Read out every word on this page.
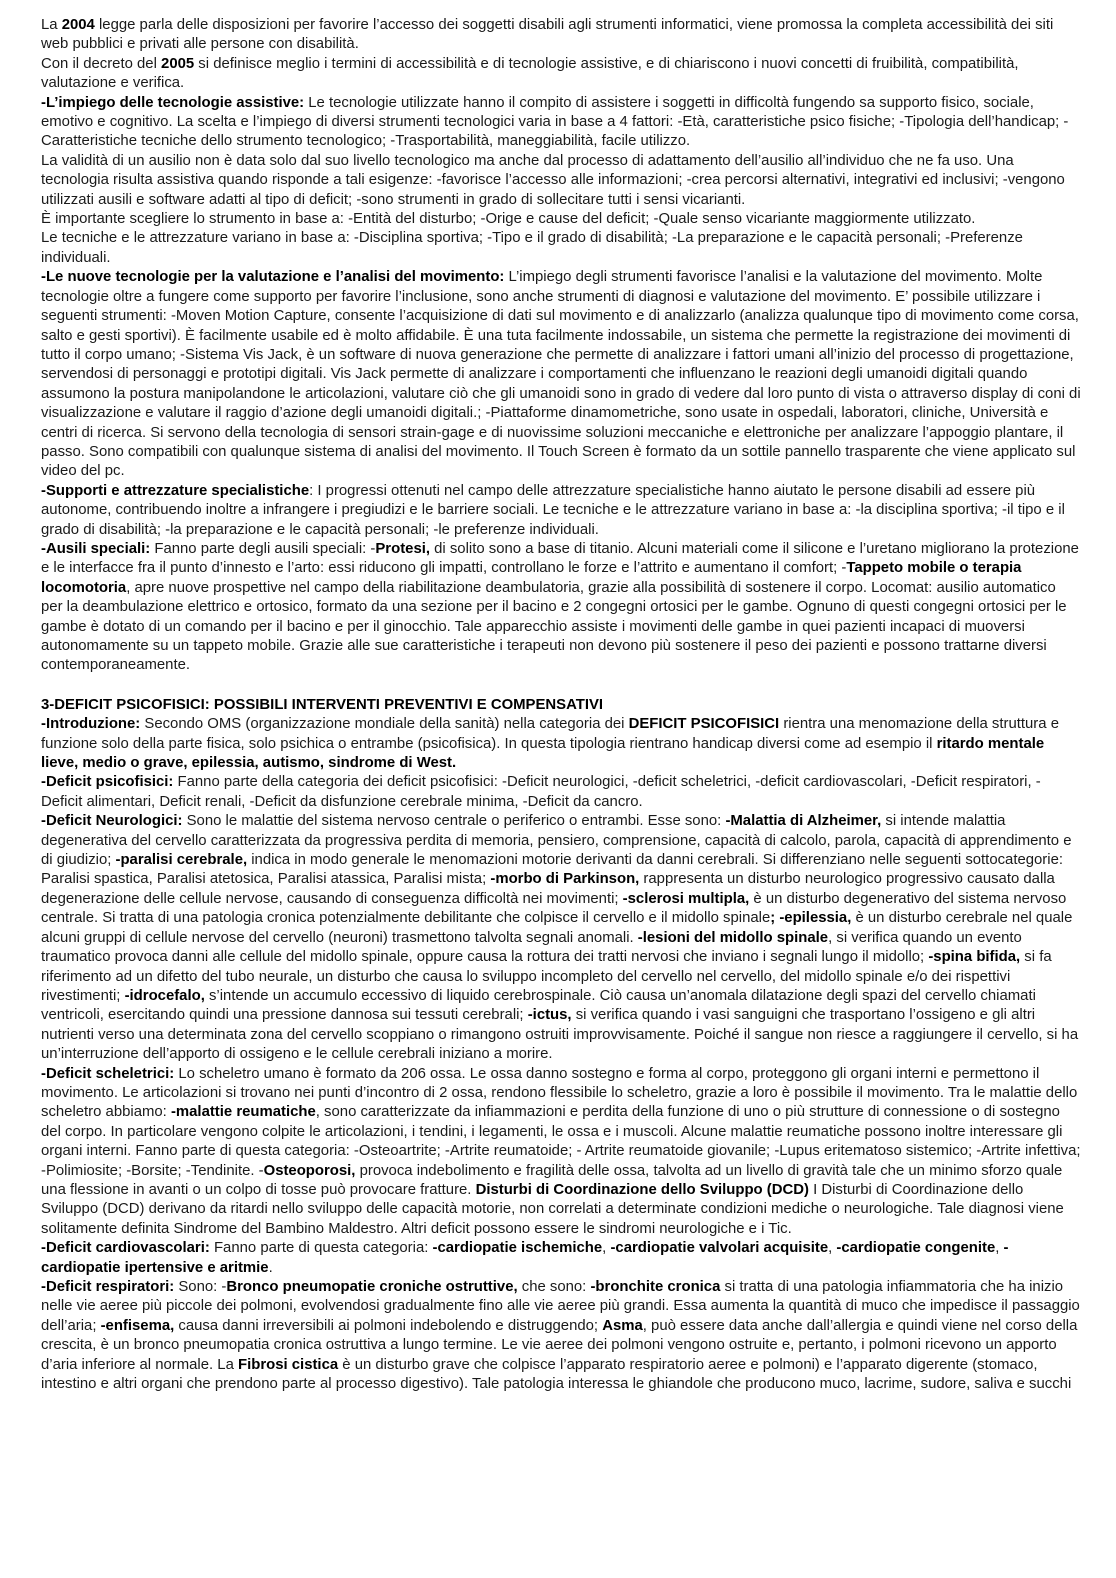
La 2004 legge parla delle disposizioni per favorire l’accesso dei soggetti disabili agli strumenti informatici, viene promossa la completa accessibilità dei siti web pubblici e privati alle persone con disabilità.

Con il decreto del 2005 si definisce meglio i termini di accessibilità e di tecnologie assistive, e di chiariscono i nuovi concetti di fruibilità, compatibilità, valutazione e verifica.

-L’impiego delle tecnologie assistive: Le tecnologie utilizzate hanno il compito di assistere i soggetti in difficoltà fungendo sa supporto fisico, sociale, emotivo e cognitivo. La scelta e l’impiego di diversi strumenti tecnologici varia in base a 4 fattori: -Età, caratteristiche psico fisiche; -Tipologia dell’handicap; -Caratteristiche tecniche dello strumento tecnologico; -Trasportabilità, maneggiabilità, facile utilizzo.

La validità di un ausilio non è data solo dal suo livello tecnologico ma anche dal processo di adattamento dell’ausilio all’individuo che ne fa uso. Una tecnologia risulta assistiva quando risponde a tali esigenze: -favorisce l’accesso alle informazioni; -crea percorsi alternativi, integrativi ed inclusivi; -vengono utilizzati ausili e software adatti al tipo di deficit; -sono strumenti in grado di sollecitare tutti i sensi vicarianti.

È importante scegliere lo strumento in base a: -Entità del disturbo; -Orige e cause del deficit; -Quale senso vicariante maggiormente utilizzato.

Le tecniche e le attrezzature variano in base a: -Disciplina sportiva; -Tipo e il grado di disabilità; -La preparazione e le capacità personali; -Preferenze individuali.

-Le nuove tecnologie per la valutazione e l’analisi del movimento: L’impiego degli strumenti favorisce l’analisi e la valutazione del movimento. Molte tecnologie oltre a fungere come supporto per favorire l’inclusione, sono anche strumenti di diagnosi e valutazione del movimento. E’ possibile utilizzare i seguenti strumenti: -Moven Motion Capture, consente l’acquisizione di dati sul movimento e di analizzarlo (analizza qualunque tipo di movimento come corsa, salto e gesti sportivi). È facilmente usabile ed è molto affidabile. È una tuta facilmente indossabile, un sistema che permette la registrazione dei movimenti di tutto il corpo umano; -Sistema Vis Jack, è un software di nuova generazione che permette di analizzare i fattori umani all’inizio del processo di progettazione, servendosi di personaggi e prototipi digitali. Vis Jack permette di analizzare i comportamenti che influenzano le reazioni degli umanoidi digitali quando assumono la postura manipolandone le articolazioni, valutare ciò che gli umanoidi sono in grado di vedere dal loro punto di vista o attraverso display di coni di visualizzazione e valutare il raggio d’azione degli umanoidi digitali.; -Piattaforme dinamometriche, sono usate in ospedali, laboratori, cliniche, Università e centri di ricerca. Si servono della tecnologia di sensori strain-gage e di nuovissime soluzioni meccaniche e elettroniche per analizzare l’appoggio plantare, il passo. Sono compatibili con qualunque sistema di analisi del movimento. Il Touch Screen è formato da un sottile pannello trasparente che viene applicato sul video del pc.

-Supporti e attrezzature specialistiche: I progressi ottenuti nel campo delle attrezzature specialistiche hanno aiutato le persone disabili ad essere più autonome, contribuendo inoltre a infrangere i pregiudizi e le barriere sociali. Le tecniche e le attrezzature variano in base a: -la disciplina sportiva; -il tipo e il grado di disabilità; -la preparazione e le capacità personali; -le preferenze individuali.

-Ausili speciali: Fanno parte degli ausili speciali: -Protesi, di solito sono a base di titanio. Alcuni materiali come il silicone e l’uretano migliorano la protezione e le interfacce fra il punto d’innesto e l’arto: essi riducono gli impatti, controllano le forze e l’attrito e aumentano il comfort; -Tappeto mobile o terapia locomotoria, apre nuove prospettive nel campo della riabilitazione deambulatoria, grazie alla possibilità di sostenere il corpo. Locomat: ausilio automatico per la deambulazione elettrico e ortosico, formato da una sezione per il bacino e 2 congegni ortosici per le gambe. Ognuno di questi congegni ortosici per le gambe è dotato di un comando per il bacino e per il ginocchio. Tale apparecchio assiste i movimenti delle gambe in quei pazienti incapaci di muoversi autonomamente su un tappeto mobile. Grazie alle sue caratteristiche i terapeuti non devono più sostenere il peso dei pazienti e possono trattarne diversi contemporaneamente.

3-DEFICIT PSICOFISICI: POSSIBILI INTERVENTI PREVENTIVI E COMPENSATIVI

-Introduzione: Secondo OMS (organizzazione mondiale della sanità) nella categoria dei DEFICIT PSICOFISICI rientra una menomazione della struttura e funzione solo della parte fisica, solo psichica o entrambe (psicofisica). In questa tipologia rientrano handicap diversi come ad esempio il ritardo mentale lieve, medio o grave, epilessia, autismo, sindrome di West.

-Deficit psicofisici: Fanno parte della categoria dei deficit psicofisici: -Deficit neurologici, -deficit scheletrici, -deficit cardiovascolari, -Deficit respiratori, -Deficit alimentari, Deficit renali, -Deficit da disfunzione cerebrale minima, -Deficit da cancro.

-Deficit Neurologici: Sono le malattie del sistema nervoso centrale o periferico o entrambi. Esse sono: -Malattia di Alzheimer, si intende malattia degenerativa del cervello caratterizzata da progressiva perdita di memoria, pensiero, comprensione, capacità di calcolo, parola, capacità di apprendimento e di giudizio; -paralisi cerebrale, indica in modo generale le menomazioni motorie derivanti da danni cerebrali. Si differenziano nelle seguenti sottocategorie: Paralisi spastica, Paralisi atetosica, Paralisi atassica, Paralisi mista; -morbo di Parkinson, rappresenta un disturbo neurologico progressivo causato dalla degenerazione delle cellule nervose, causando di conseguenza difficoltà nei movimenti; -sclerosi multipla, è un disturbo degenerativo del sistema nervoso centrale. Si tratta di una patologia cronica potenzialmente debilitante che colpisce il cervello e il midollo spinale; -epilessia, è un disturbo cerebrale nel quale alcuni gruppi di cellule nervose del cervello (neuroni) trasmettono talvolta segnali anomali. -lesioni del midollo spinale, si verifica quando un evento traumatico provoca danni alle cellule del midollo spinale, oppure causa la rottura dei tratti nervosi che inviano i segnali lungo il midollo; -spina bifida, si fa riferimento ad un difetto del tubo neurale, un disturbo che causa lo sviluppo incompleto del cervello nel cervello, del midollo spinale e/o dei rispettivi rivestimenti; -idrocefalo, s’intende un accumulo eccessivo di liquido cerebrospinale. Ciò causa un’anomala dilatazione degli spazi del cervello chiamati ventricoli, esercitando quindi una pressione dannosa sui tessuti cerebrali; -ictus, si verifica quando i vasi sanguigni che trasportano l’ossigeno e gli altri nutrienti verso una determinata zona del cervello scoppiano o rimangono ostruiti improvvisamente. Poiché il sangue non riesce a raggiungere il cervello, si ha un’interruzione dell’apporto di ossigeno e le cellule cerebrali iniziano a morire.

-Deficit scheletrici: Lo scheletro umano è formato da 206 ossa. Le ossa danno sostegno e forma al corpo, proteggono gli organi interni e permettono il movimento. Le articolazioni si trovano nei punti d’incontro di 2 ossa, rendono flessibile lo scheletro, grazie a loro è possibile il movimento. Tra le malattie dello scheletro abbiamo: -malattie reumatiche, sono caratterizzate da infiammazioni e perdita della funzione di uno o più strutture di connessione o di sostegno del corpo. In particolare vengono colpite le articolazioni, i tendini, i legamenti, le ossa e i muscoli. Alcune malattie reumatiche possono inoltre interessare gli organi interni. Fanno parte di questa categoria: -Osteoartrite; -Artrite reumatoide; - Artrite reumatoide giovanile; -Lupus eritematoso sistemico; -Artrite infettiva; -Polimiosite; -Borsite; -Tendinite. -Osteoporosi, provoca indebolimento e fragilità delle ossa, talvolta ad un livello di gravità tale che un minimo sforzo quale una flessione in avanti o un colpo di tosse può provocare fratture. Disturbi di Coordinazione dello Sviluppo (DCD) I Disturbi di Coordinazione dello Sviluppo (DCD) derivano da ritardi nello sviluppo delle capacità motorie, non correlati a determinate condizioni mediche o neurologiche. Tale diagnosi viene solitamente definita Sindrome del Bambino Maldestro. Altri deficit possono essere le sindromi neurologiche e i Tic.

-Deficit cardiovascolari: Fanno parte di questa categoria: -cardiopatie ischemiche, -cardiopatie valvolari acquisite, -cardiopatie congenite, -cardiopatie ipertensive e aritmie.

-Deficit respiratori: Sono: -Bronco pneumopatie croniche ostruttive, che sono: -bronchite cronica si tratta di una patologia infiammatoria che ha inizio nelle vie aeree più piccole dei polmoni, evolvendosi gradualmente fino alle vie aeree più grandi. Essa aumenta la quantità di muco che impedisce il passaggio dell’aria; -enfisema, causa danni irreversibili ai polmoni indebolendo e distruggendo; Asma, può essere data anche dall’allergia e quindi viene nel corso della crescita, è un bronco pneumopatia cronica ostruttiva a lungo termine. Le vie aeree dei polmoni vengono ostruite e, pertanto, i polmoni ricevono un apporto d’aria inferiore al normale. La Fibrosi cistica è un disturbo grave che colpisce l’apparato respiratorio aeree e polmoni) e l’apparato digerente (stomaco, intestino e altri organi che prendono parte al processo digestivo). Tale patologia interessa le ghiandole che producono muco, lacrime, sudore, saliva e succhi
